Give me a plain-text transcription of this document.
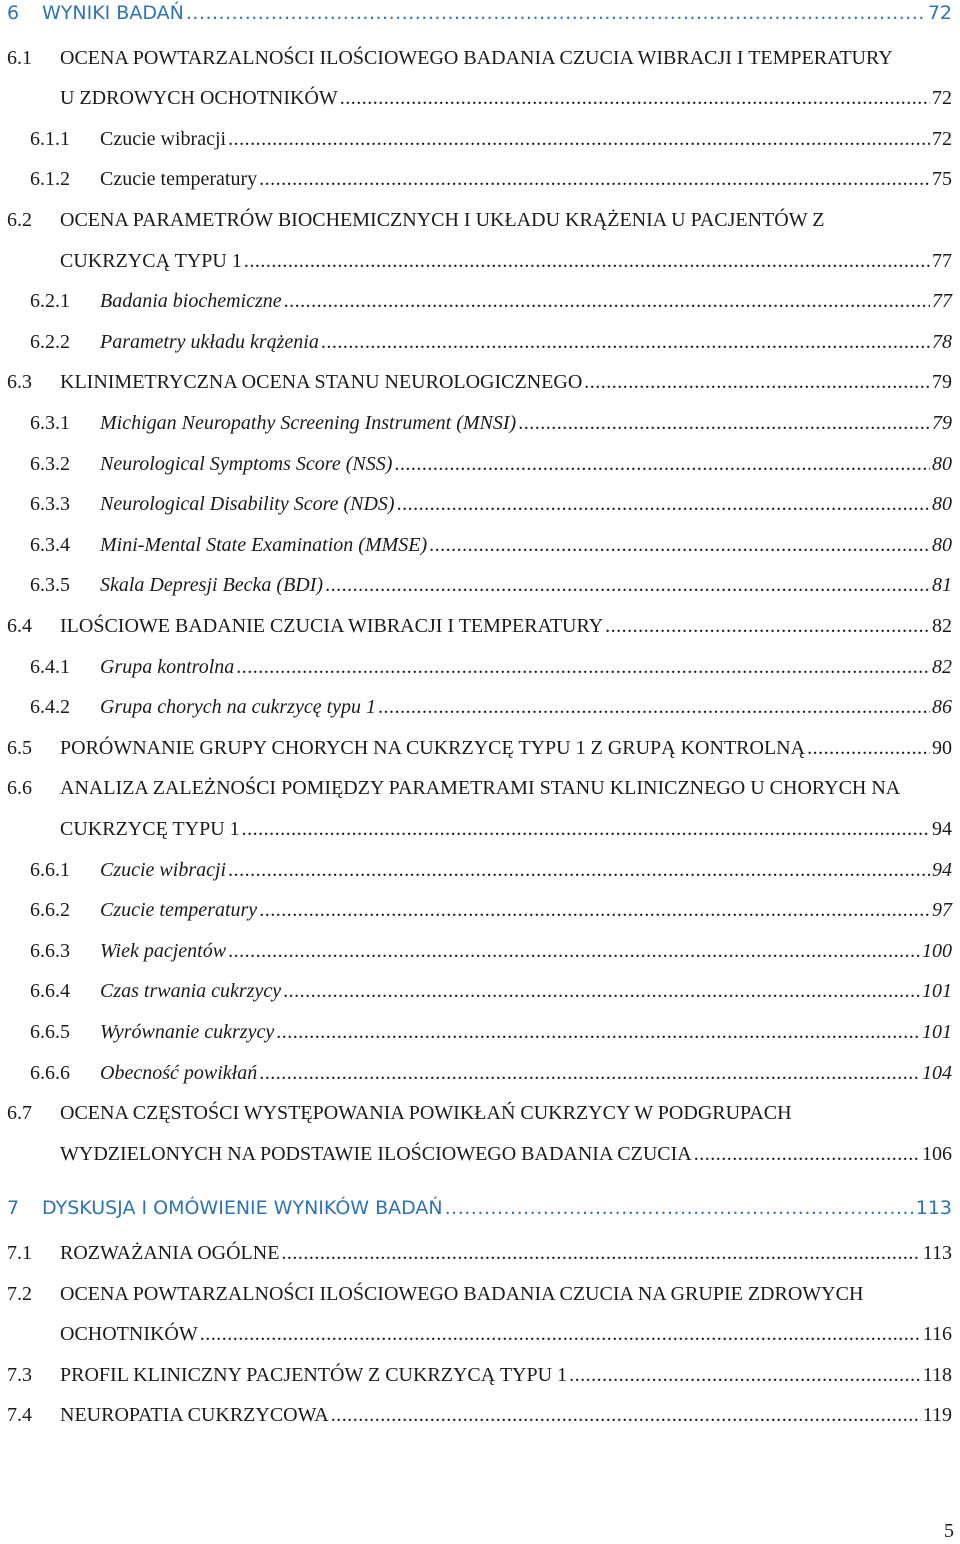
6 WYNIKI BADAŃ .....	72
6.1 OCENA POWTARZALNOŚCI ILOŚCIOWEGO BADANIA CZUCIA WIBRACJI I TEMPERATURY
U ZDROWYCH OCHOTNIKÓW .....	72
6.1.1 Czucie wibracji .....	72
6.1.2 Czucie temperatury .....	75
6.2 OCENA PARAMETRÓW BIOCHEMICZNYCH I UKŁADU KRĄŻENIA U PACJENTÓW Z
CUKRZYCĄ TYPU 1 .....	77
6.2.1 Badania biochemiczne .....	77
6.2.2 Parametry układu krążenia .....	78
6.3 KLINIMETRYCZNA OCENA STANU NEUROLOGICZNEGO .....	79
6.3.1 Michigan Neuropathy Screening Instrument (MNSI) .....	79
6.3.2 Neurological Symptoms Score (NSS) .....	80
6.3.3 Neurological Disability Score (NDS) .....	80
6.3.4 Mini-Mental State Examination (MMSE) .....	80
6.3.5 Skala Depresji Becka (BDI) .....	81
6.4 ILOŚCIOWE BADANIE CZUCIA WIBRACJI I TEMPERATURY .....	82
6.4.1 Grupa kontrolna .....	82
6.4.2 Grupa chorych na cukrzycę typu 1 .....	86
6.5 PORÓWNANIE GRUPY CHORYCH NA CUKRZYCĘ TYPU 1 Z GRUPĄ KONTROLNĄ .....	90
6.6 ANALIZA ZALEŻNOŚCI POMIĘDZY PARAMETRAMI STANU KLINICZNEGO U CHORYCH NA
CUKRZYCĘ TYPU 1 .....	94
6.6.1 Czucie wibracji .....	94
6.6.2 Czucie temperatury .....	97
6.6.3 Wiek pacjentów .....	100
6.6.4 Czas trwania cukrzycy .....	101
6.6.5 Wyrównanie cukrzycy .....	101
6.6.6 Obecność powikłań .....	104
6.7 OCENA CZĘSTOŚCI WYSTĘPOWANIA POWIKŁAŃ CUKRZYCY W PODGRUPACH
WYDZIELONYCH NA PODSTAWIE ILOŚCIOWEGO BADANIA CZUCIA .....	106
7 DYSKUSJA I OMÓWIENIE WYNIKÓW BADAŃ .....	113
7.1 ROZWAŻANIA OGÓLNE .....	113
7.2 OCENA POWTARZALNOŚCI ILOŚCIOWEGO BADANIA CZUCIA NA GRUPIE ZDROWYCH
OCHOTNIKÓW .....	116
7.3 PROFIL KLINICZNY PACJENTÓW Z CUKRZYCĄ TYPU 1 .....	118
7.4 NEUROPATIA CUKRZYCOWA .....	119
5
